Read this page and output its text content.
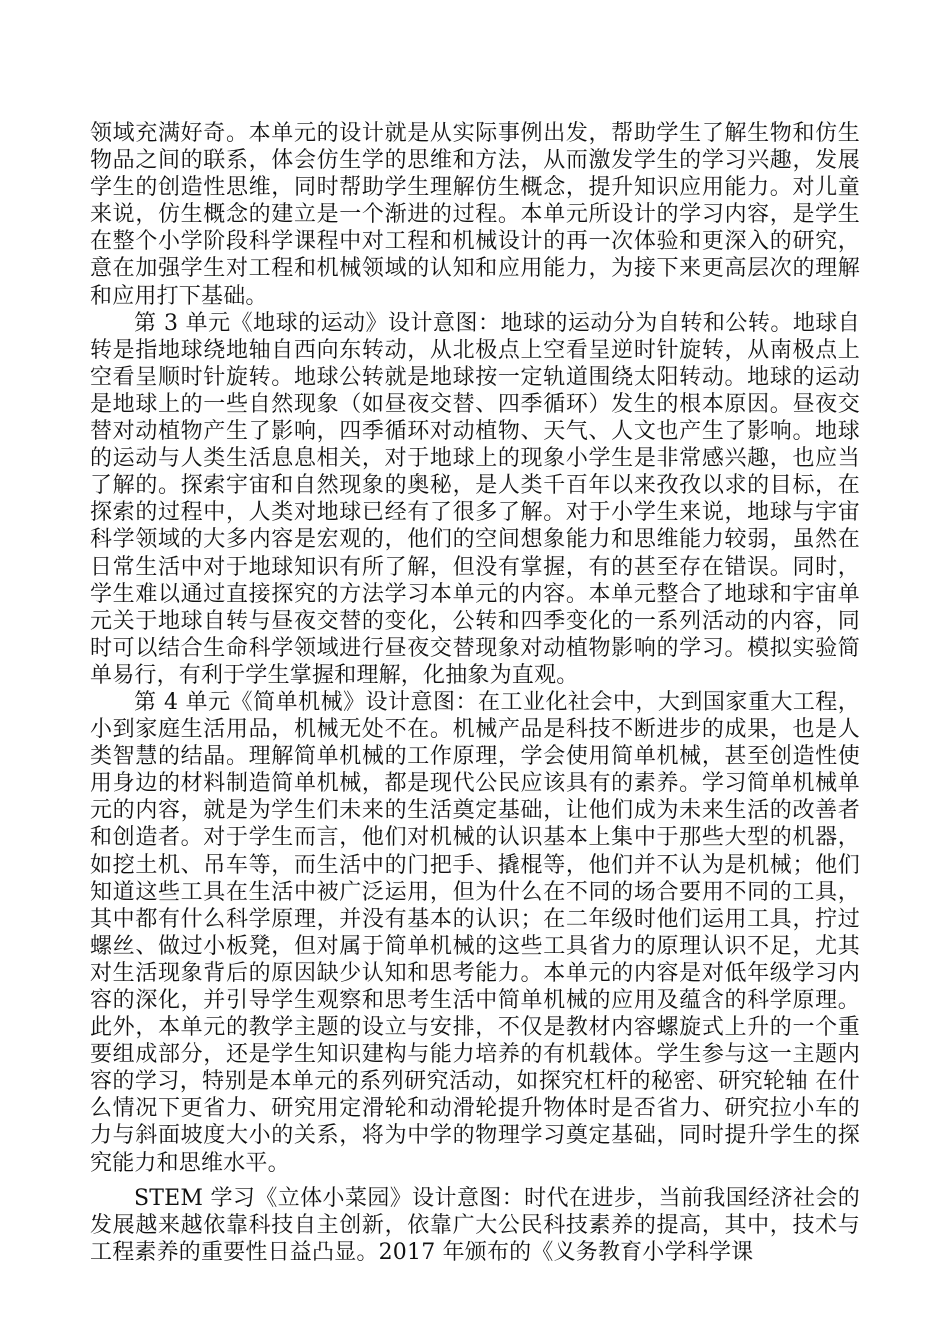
领域充满好奇。本单元的设计就是从实际事例出发，帮助学生了解生物和仿生物品之间的联系，体会仿生学的思维和方法，从而激发学生的学习兴趣，发展学生的创造性思维，同时帮助学生理解仿生概念，提升知识应用能力。对儿童来说，仿生概念的建立是一个渐进的过程。本单元所设计的学习内容，是学生在整个小学阶段科学课程中对工程和机械设计的再一次体验和更深入的研究，意在加强学生对工程和机械领域的认知和应用能力，为接下来更高层次的理解和应用打下基础。

第 3 单元《地球的运动》设计意图：地球的运动分为自转和公转。地球自转是指地球绕地轴自西向东转动，从北极点上空看呈逆时针旋转，从南极点上空看呈顺时针旋转。地球公转就是地球按一定轨道围绕太阳转动。地球的运动是地球上的一些自然现象（如昼夜交替、四季循环）发生的根本原因。昼夜交替对动植物产生了影响，四季循环对动植物、天气、人文也产生了影响。地球的运动与人类生活息息相关，对于地球上的现象小学生是非常感兴趣，也应当了解的。探索宇宙和自然现象的奥秘，是人类千百年以来孜孜以求的目标，在探索的过程中，人类对地球已经有了很多了解。对于小学生来说，地球与宇宙科学领域的大多内容是宏观的，他们的空间想象能力和思维能力较弱，虽然在日常生活中对于地球知识有所了解，但没有掌握，有的甚至存在错误。同时，学生难以通过直接探究的方法学习本单元的内容。本单元整合了地球和宇宙单元关于地球自转与昼夜交替的变化，公转和四季变化的一系列活动的内容，同时可以结合生命科学领域进行昼夜交替现象对动植物影响的学习。模拟实验简单易行，有利于学生掌握和理解，化抽象为直观。

第 4 单元《简单机械》设计意图：在工业化社会中，大到国家重大工程，小到家庭生活用品，机械无处不在。机械产品是科技不断进步的成果，也是人类智慧的结晶。理解简单机械的工作原理，学会使用简单机械，甚至创造性使用身边的材料制造简单机械，都是现代公民应该具有的素养。学习简单机械单元的内容，就是为学生们未来的生活奠定基础，让他们成为未来生活的改善者和创造者。对于学生而言，他们对机械的认识基本上集中于那些大型的机器，如挖土机、吊车等，而生活中的门把手、撬棍等，他们并不认为是机械；他们知道这些工具在生活中被广泛运用，但为什么在不同的场合要用不同的工具，其中都有什么科学原理，并没有基本的认识；在二年级时他们运用工具，拧过螺丝、做过小板凳，但对属于简单机械的这些工具省力的原理认识不足，尤其对生活现象背后的原因缺少认知和思考能力。本单元的内容是对低年级学习内容的深化，并引导学生观察和思考生活中简单机械的应用及蕴含的科学原理。 此外，本单元的教学主题的设立与安排，不仅是教材内容螺旋式上升的一个重要组成部分，还是学生知识建构与能力培养的有机载体。学生参与这一主题内容的学习，特别是本单元的系列研究活动，如探究杠杆的秘密、研究轮轴 在什么情况下更省力、研究用定滑轮和动滑轮提升物体时是否省力、研究拉小车的力与斜面坡度大小的关系，将为中学的物理学习奠定基础，同时提升学生的探究能力和思维水平。

STEM 学习《立体小菜园》设计意图：时代在进步，当前我国经济社会的发展越来越依靠科技自主创新，依靠广大公民科技素养的提高，其中，技术与工程素养的重要性日益凸显。2017 年颁布的《义务教育小学科学课
